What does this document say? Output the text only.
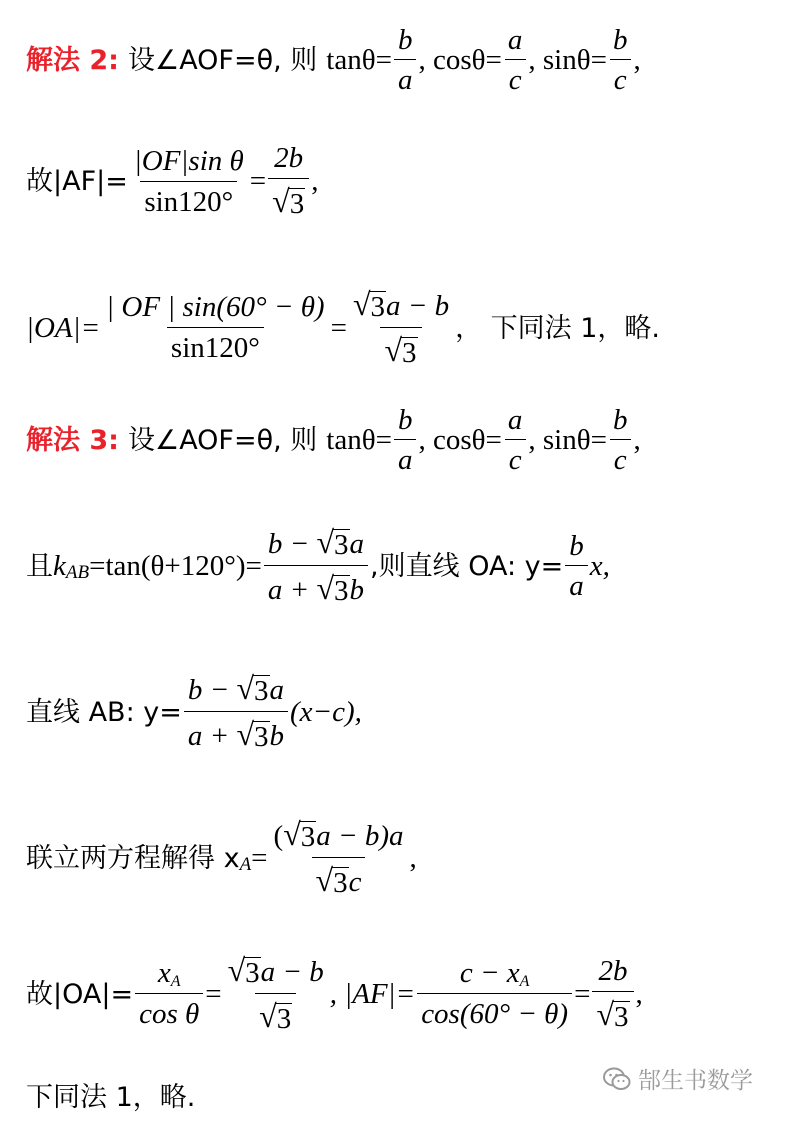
解法 2: 设∠AOF=θ, 则 $\tan\theta= \frac{b}{a}$ , $\cos\theta= \frac{a}{c}$ , $\sin\theta= \frac{b}{c}$ ,
故$|AF|= \frac{\text{|OF|sin θ}}{\sin 120^\circ} = \frac{2b}{√ 3}$ ,
$|OA|= \frac{| OF | \sin(60^\circ - \theta)}{\sin 120^\circ} = \frac{√ 3 a - b}{√ 3}$ ， 下同法 1，略.
解法 3: 设∠AOF=θ, 则 $\tan\theta= \frac{b}{a}$ , $\cos\theta= \frac{a}{c}$ , $\sin\theta= \frac{b}{c}$ ,
且 k AB $=\tan(\theta+120^\circ)= \frac{b - √ 3 a}{a + √ 3 b}$ ,则直线 OA: $y= \frac{b}{a} x$,
直线 AB: $y= \frac{b - √ 3 a}{a + √ 3 b} (x-c)$,
联立两方程解得 x $A = \frac{( √ 3 a - b)a}{√ 3 c}$ ,
故$|OA|= \frac{xA}{\text{cos θ}} = \frac{√ 3 a - b}{√ 3}$ , $|AF|= \frac{c - xA}{\cos(60^\circ - \theta)} = \frac{2b}{√ 3}$ ,
下同法 1，略.
郜生书数学
